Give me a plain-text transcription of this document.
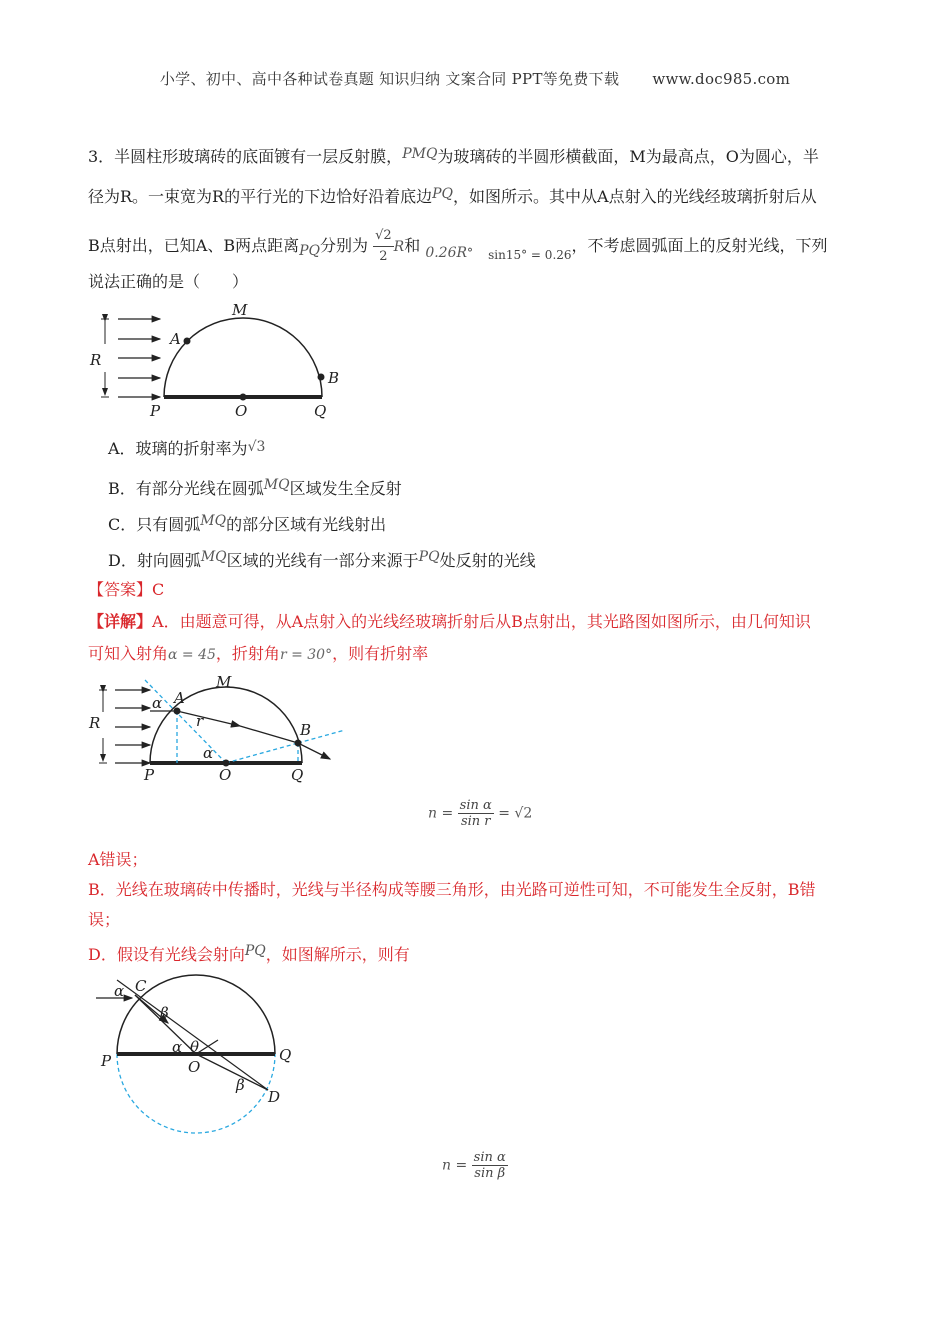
小学、初中、高中各种试卷真题 知识归纳 文案合同 PPT等免费下载 www.doc985.com
3．半圆柱形玻璃砖的底面镀有一层反射膜，PMQ为玻璃砖的半圆形横截面，M为最高点，O为圆心，半
径为R。一束宽为R的平行光的下边恰好沿着底边PQ，如图所示。其中从A点射入的光线经玻璃折射后从
B点射出，已知A、B两点距离PQ分别为 $\frac{√2}{2}$ R和 $0.26R^\circ$ $_{sin15^\circ = 0.26}$，不考虑圆弧面上的反射光线，下列
说法正确的是（　　）
R
M
A
B
P	O	Q
A．玻璃的折射率为√3
B．有部分光线在圆弧MQ区域发生全反射
C．只有圆弧MQ的部分区域有光线射出
D．射向圆弧MQ区域的光线有一部分来源于PQ处反射的光线
【答案】C
【详解】A．由题意可得，从A点射入的光线经玻璃折射后从B点射出，其光路图如图所示，由几何知识
可知入射角α = 45，折射角r = 30°，则有折射率
R
M
A
B
P	O	Q
α
r
α
$n = \frac{\text{sin α}}{\text{sin r}} = √2$
A错误；
B．光线在玻璃砖中传播时，光线与半径构成等腰三角形，由光路可逆性可知，不可能发生全反射，B错
误；
D．假设有光线会射向PQ，如图解所示，则有
α C
β
α θ
P	O
Q
β
D
$n = \frac{\text{sin α}}{\text{sin β}}$
